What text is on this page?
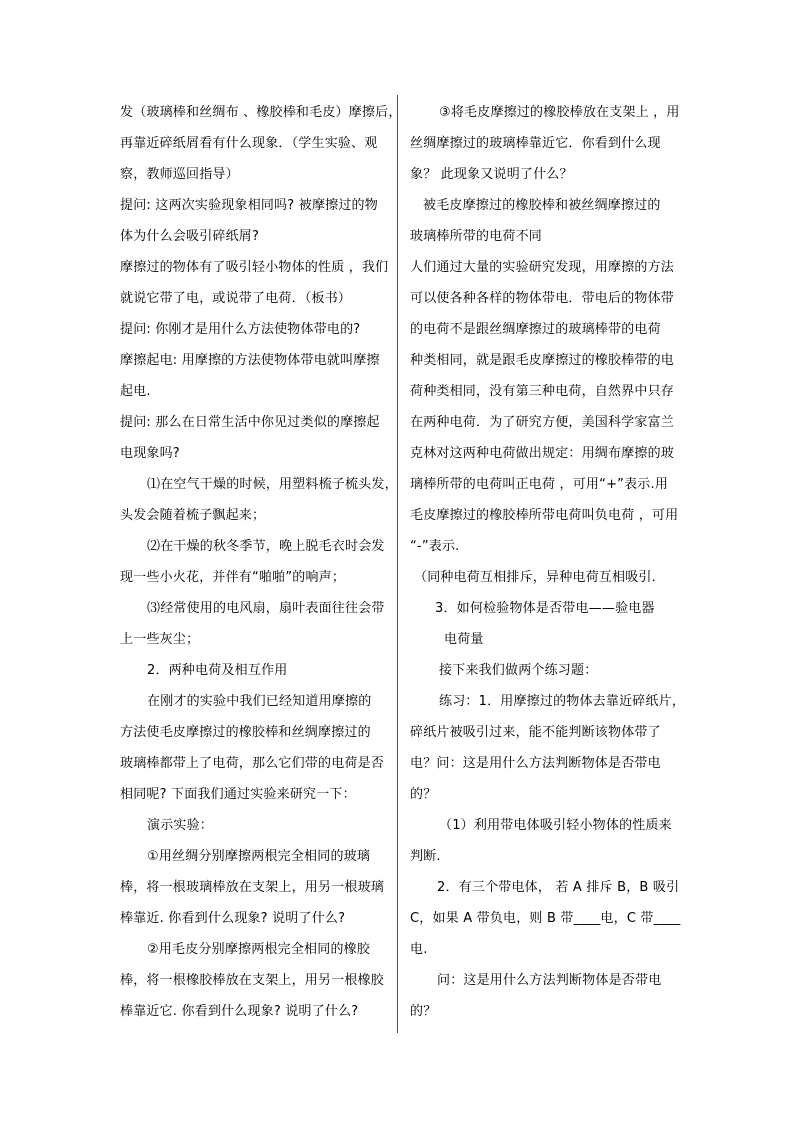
发（玻璃棒和丝绸布 、橡胶棒和毛皮）摩擦后，
再靠近碎纸屑看有什么现象．（学生实验、观
察，教师巡回指导）
提问: 这两次实验现象相同吗? 被摩擦过的物
体为什么会吸引碎纸屑?
摩擦过的物体有了吸引轻小物体的性质 ，我们
就说它带了电，或说带了电荷．（板书）
提问: 你刚才是用什么方法使物体带电的?
摩擦起电: 用摩擦的方法使物体带电就叫摩擦
起电.
提问: 那么在日常生活中你见过类似的摩擦起
电现象吗?
⑴在空气干燥的时候，用塑料梳子梳头发，
头发会随着梳子飘起来；
⑵在干燥的秋冬季节，晚上脱毛衣时会发
现一些小火花，并伴有“啪啪”的响声；
⑶经常使用的电风扇，扇叶表面往往会带
上一些灰尘；
2．两种电荷及相互作用
在刚才的实验中我们已经知道用摩擦的
方法使毛皮摩擦过的橡胶棒和丝绸摩擦过的
玻璃棒都带上了电荷，那么它们带的电荷是否
相同呢? 下面我们通过实验来研究一下：
演示实验：
①用丝绸分别摩擦两根完全相同的玻璃
棒，将一根玻璃棒放在支架上，用另一根玻璃
棒靠近. 你看到什么现象? 说明了什么?
②用毛皮分别摩擦两根完全相同的橡胶
棒，将一根橡胶棒放在支架上，用另一根橡胶
棒靠近它. 你看到什么现象? 说明了什么?
③将毛皮摩擦过的橡胶棒放在支架上 ，用
丝绸摩擦过的玻璃棒靠近它．你看到什么现
象？ 此现象又说明了什么？
被毛皮摩擦过的橡胶棒和被丝绸摩擦过的
玻璃棒所带的电荷不同
人们通过大量的实验研究发现，用摩擦的方法
可以使各种各样的物体带电．带电后的物体带
的电荷不是跟丝绸摩擦过的玻璃棒带的电荷
种类相同，就是跟毛皮摩擦过的橡胶棒带的电
荷种类相同，没有第三种电荷，自然界中只存
在两种电荷．为了研究方便，美国科学家富兰
克林对这两种电荷做出规定：用绸布摩擦的玻
璃棒所带的电荷叫正电荷 ，可用“+”表示.用
毛皮摩擦过的橡胶棒所带电荷叫负电荷 ，可用
“-”表示.
（同种电荷互相排斥，异种电荷互相吸引．
3．如何检验物体是否带电——验电器
电荷量
接下来我们做两个练习题：
练习：1．用摩擦过的物体去靠近碎纸片，
碎纸片被吸引过来，能不能判断该物体带了
电？问：这是用什么方法判断物体是否带电
的？
（1）利用带电体吸引轻小物体的性质来
判断.
2．有三个带电体， 若 A 排斥 B，B 吸引
C，如果 A 带负电，则 B 带____电，C 带____
电.
问：这是用什么方法判断物体是否带电
的？
